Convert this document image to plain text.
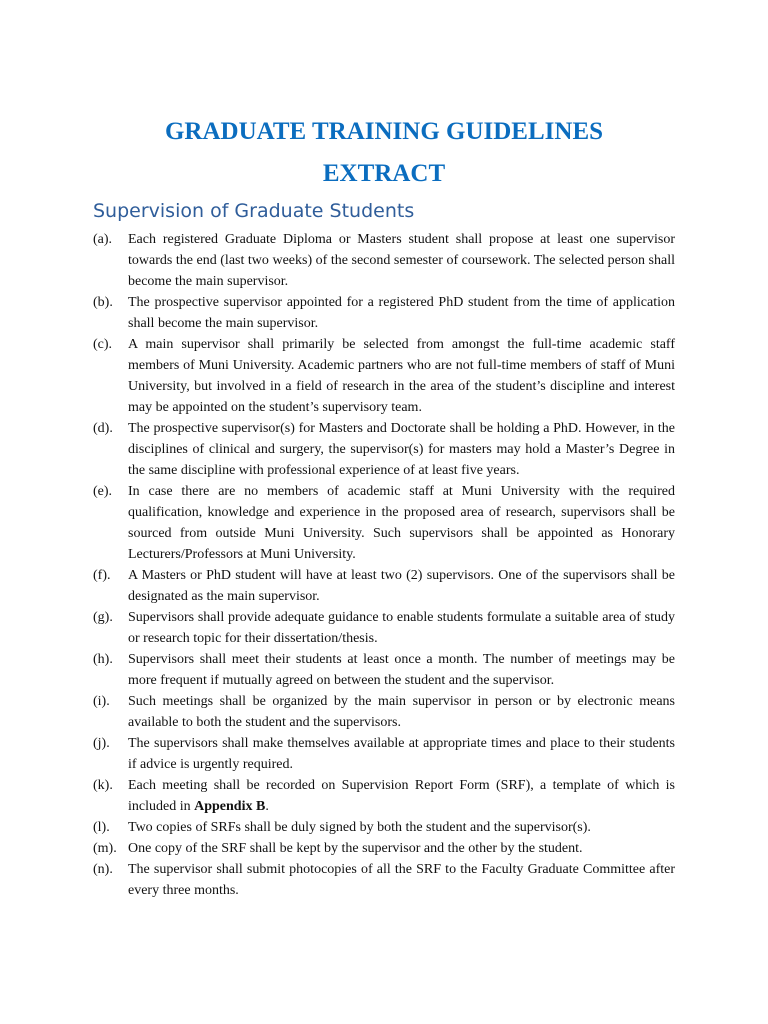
GRADUATE TRAINING GUIDELINES
EXTRACT
Supervision of Graduate Students
(a). Each registered Graduate Diploma or Masters student shall propose at least one supervisor towards the end (last two weeks) of the second semester of coursework. The selected person shall become the main supervisor.
(b). The prospective supervisor appointed for a registered PhD student from the time of application shall become the main supervisor.
(c). A main supervisor shall primarily be selected from amongst the full-time academic staff members of Muni University. Academic partners who are not full-time members of staff of Muni University, but involved in a field of research in the area of the student’s discipline and interest may be appointed on the student’s supervisory team.
(d). The prospective supervisor(s) for Masters and Doctorate shall be holding a PhD. However, in the disciplines of clinical and surgery, the supervisor(s) for masters may hold a Master’s Degree in the same discipline with professional experience of at least five years.
(e). In case there are no members of academic staff at Muni University with the required qualification, knowledge and experience in the proposed area of research, supervisors shall be sourced from outside Muni University. Such supervisors shall be appointed as Honorary Lecturers/Professors at Muni University.
(f). A Masters or PhD student will have at least two (2) supervisors. One of the supervisors shall be designated as the main supervisor.
(g). Supervisors shall provide adequate guidance to enable students formulate a suitable area of study or research topic for their dissertation/thesis.
(h). Supervisors shall meet their students at least once a month. The number of meetings may be more frequent if mutually agreed on between the student and the supervisor.
(i). Such meetings shall be organized by the main supervisor in person or by electronic means available to both the student and the supervisors.
(j). The supervisors shall make themselves available at appropriate times and place to their students if advice is urgently required.
(k). Each meeting shall be recorded on Supervision Report Form (SRF), a template of which is included in Appendix B.
(l). Two copies of SRFs shall be duly signed by both the student and the supervisor(s).
(m). One copy of the SRF shall be kept by the supervisor and the other by the student.
(n). The supervisor shall submit photocopies of all the SRF to the Faculty Graduate Committee after every three months.
